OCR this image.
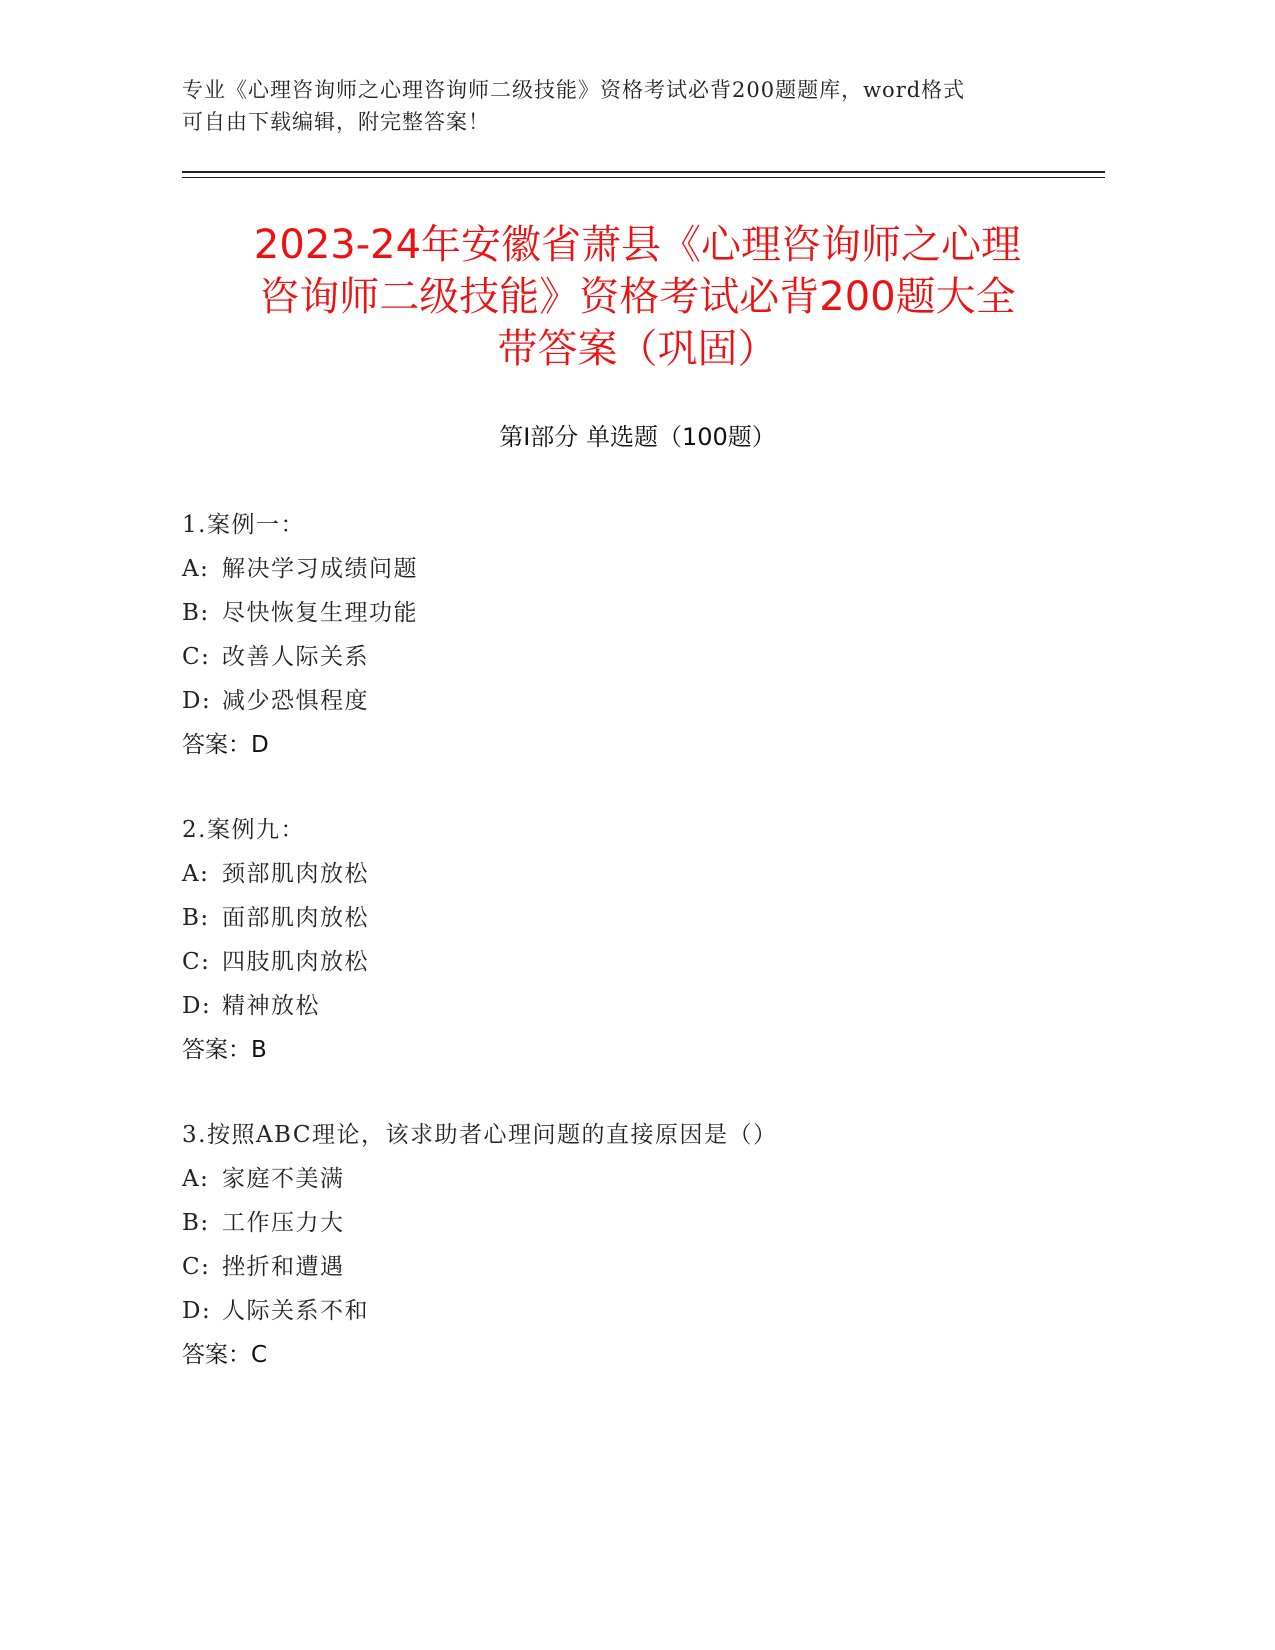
专业《心理咨询师之心理咨询师二级技能》资格考试必背200题题库，word格式
可自由下载编辑，附完整答案！
2023-24年安徽省萧县《心理咨询师之心理
咨询师二级技能》资格考试必背200题大全
带答案（巩固）
第Ⅰ部分 单选题（100题）
1.案例一：
A: 解决学习成绩问题
B: 尽快恢复生理功能
C: 改善人际关系
D: 减少恐惧程度
答案：D
2.案例九：
A: 颈部肌肉放松
B: 面部肌肉放松
C: 四肢肌肉放松
D: 精神放松
答案：B
3.按照ABC理论，该求助者心理问题的直接原因是（）
A: 家庭不美满
B: 工作压力大
C: 挫折和遭遇
D: 人际关系不和
答案：C
